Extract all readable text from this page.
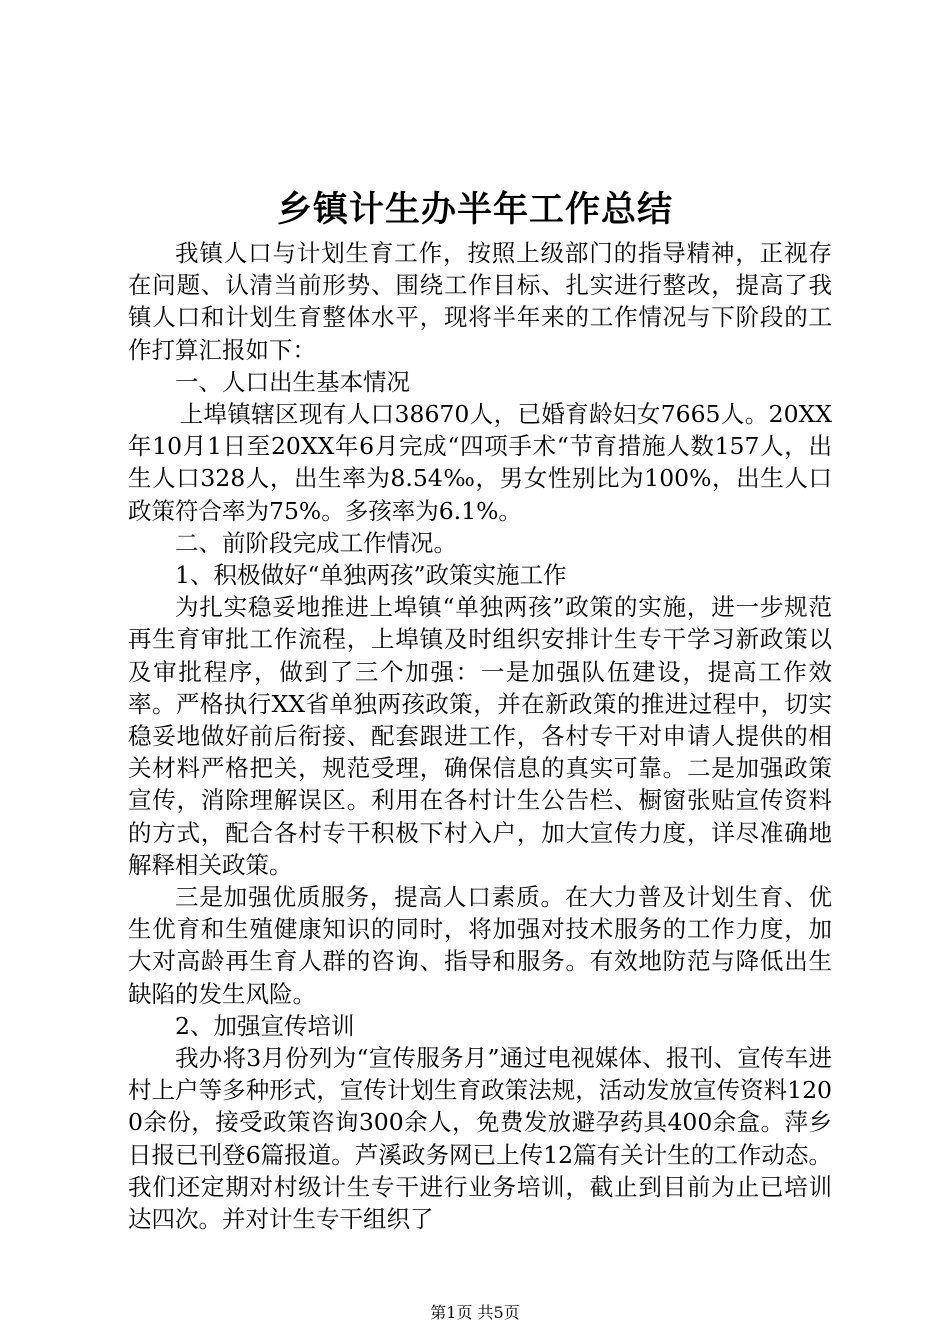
乡镇计生办半年工作总结

我镇人口与计划生育工作，按照上级部门的指导精神，正视存在问题、认清当前形势、围绕工作目标、扎实进行整改，提高了我镇人口和计划生育整体水平，现将半年来的工作情况与下阶段的工作打算汇报如下：

一、人口出生基本情况

上埠镇辖区现有人口38670人，已婚育龄妇女7665人。20XX年10月1日至20XX年6月完成“四项手术“节育措施人数157人，出生人口328人，出生率为8.54‰，男女性别比为100%，出生人口政策符合率为75%。多孩率为6.1%。

二、前阶段完成工作情况。

1、积极做好“单独两孩”政策实施工作

为扎实稳妥地推进上埠镇“单独两孩”政策的实施，进一步规范再生育审批工作流程，上埠镇及时组织安排计生专干学习新政策以及审批程序，做到了三个加强：一是加强队伍建设，提高工作效率。严格执行XX省单独两孩政策，并在新政策的推进过程中，切实稳妥地做好前后衔接、配套跟进工作，各村专干对申请人提供的相关材料严格把关，规范受理，确保信息的真实可靠。二是加强政策宣传，消除理解误区。利用在各村计生公告栏、橱窗张贴宣传资料的方式，配合各村专干积极下村入户，加大宣传力度，详尽准确地解释相关政策。

三是加强优质服务，提高人口素质。在大力普及计划生育、优生优育和生殖健康知识的同时，将加强对技术服务的工作力度，加大对高龄再生育人群的咨询、指导和服务。有效地防范与降低出生缺陷的发生风险。

2、加强宣传培训

我办将3月份列为“宣传服务月”通过电视媒体、报刊、宣传车进村上户等多种形式，宣传计划生育政策法规，活动发放宣传资料1200余份，接受政策咨询300余人，免费发放避孕药具400余盒。萍乡日报已刊登6篇报道。芦溪政务网已上传12篇有关计生的工作动态。我们还定期对村级计生专干进行业务培训，截止到目前为止已培训达四次。并对计生专干组织了

第1页 共5页
